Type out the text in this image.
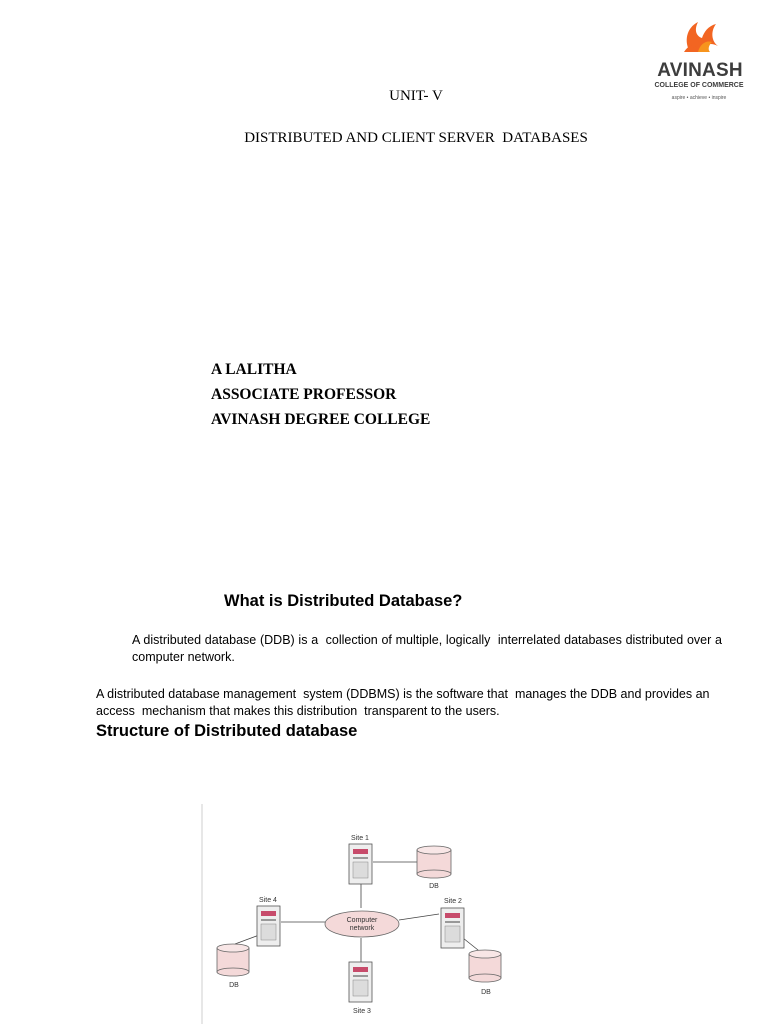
AVINASH
COLLEGE OF COMMERCE
aspire • achieve • inspire
UNIT- V
DISTRIBUTED AND CLIENT SERVER  DATABASES
A LALITHA
ASSOCIATE PROFESSOR
AVINASH DEGREE COLLEGE
What is Distributed Database?
A distributed database (DDB) is a  collection of multiple, logically  interrelated databases distributed over a  computer network.
A distributed database management  system (DDBMS) is the software that  manages the DDB and provides an access  mechanism that makes this distribution  transparent to the users.
Structure of Distributed database
Computer
network
Site 1
Site 2
Site 3
Site 4
DB
DB
DB
